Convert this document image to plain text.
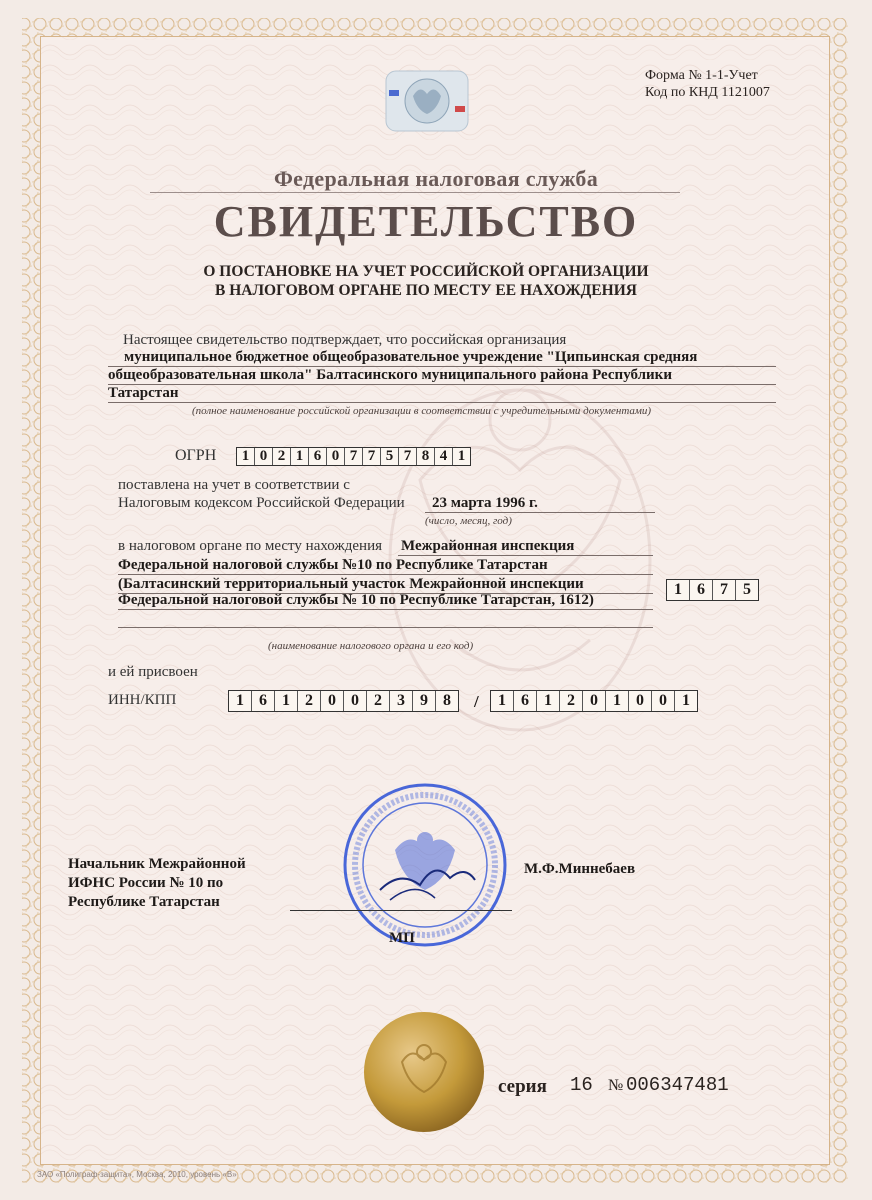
Форма № 1-1-Учет
Код по КНД 1121007
Федеральная налоговая служба
СВИДЕТЕЛЬСТВО
О ПОСТАНОВКЕ НА УЧЕТ РОССИЙСКОЙ ОРГАНИЗАЦИИ
В НАЛОГОВОМ ОРГАНЕ ПО МЕСТУ ЕЕ НАХОЖДЕНИЯ
Настоящее свидетельство подтверждает, что российская организация
муниципальное бюджетное общеобразовательное учреждение "Ципьинская средняя
общеобразовательная школа" Балтасинского муниципального района Республики
Татарстан
(полное наименование российской организации в соответствии с учредительными документами)
ОГРН	1 0 2 1 6 0 7 7 5 7 8 4 1
поставлена на учет в соответствии с
Налоговым кодексом Российской Федерации 23 марта 1996 г.
(число, месяц, год)
в налоговом органе по месту нахождения Межрайонная инспекция
Федеральной налоговой службы №10 по Республике Татарстан
(Балтасинский территориальный участок Межрайонной инспекции
Федеральной налоговой службы № 10 по Республике Татарстан, 1612)
1 6 7 5
(наименование налогового органа и его код)
и ей присвоен
ИНН/КПП	1 6 1 2 0 0 2 3 9 8	/	1 6 1 2 0 1 0 0 1
Начальник Межрайонной
ИФНС России № 10 по
Республике Татарстан
М.Ф.Миннебаев
МП
серия 16 № 006347481
ЗАО «Полиграф-защита», Москва, 2010, уровень «В»
